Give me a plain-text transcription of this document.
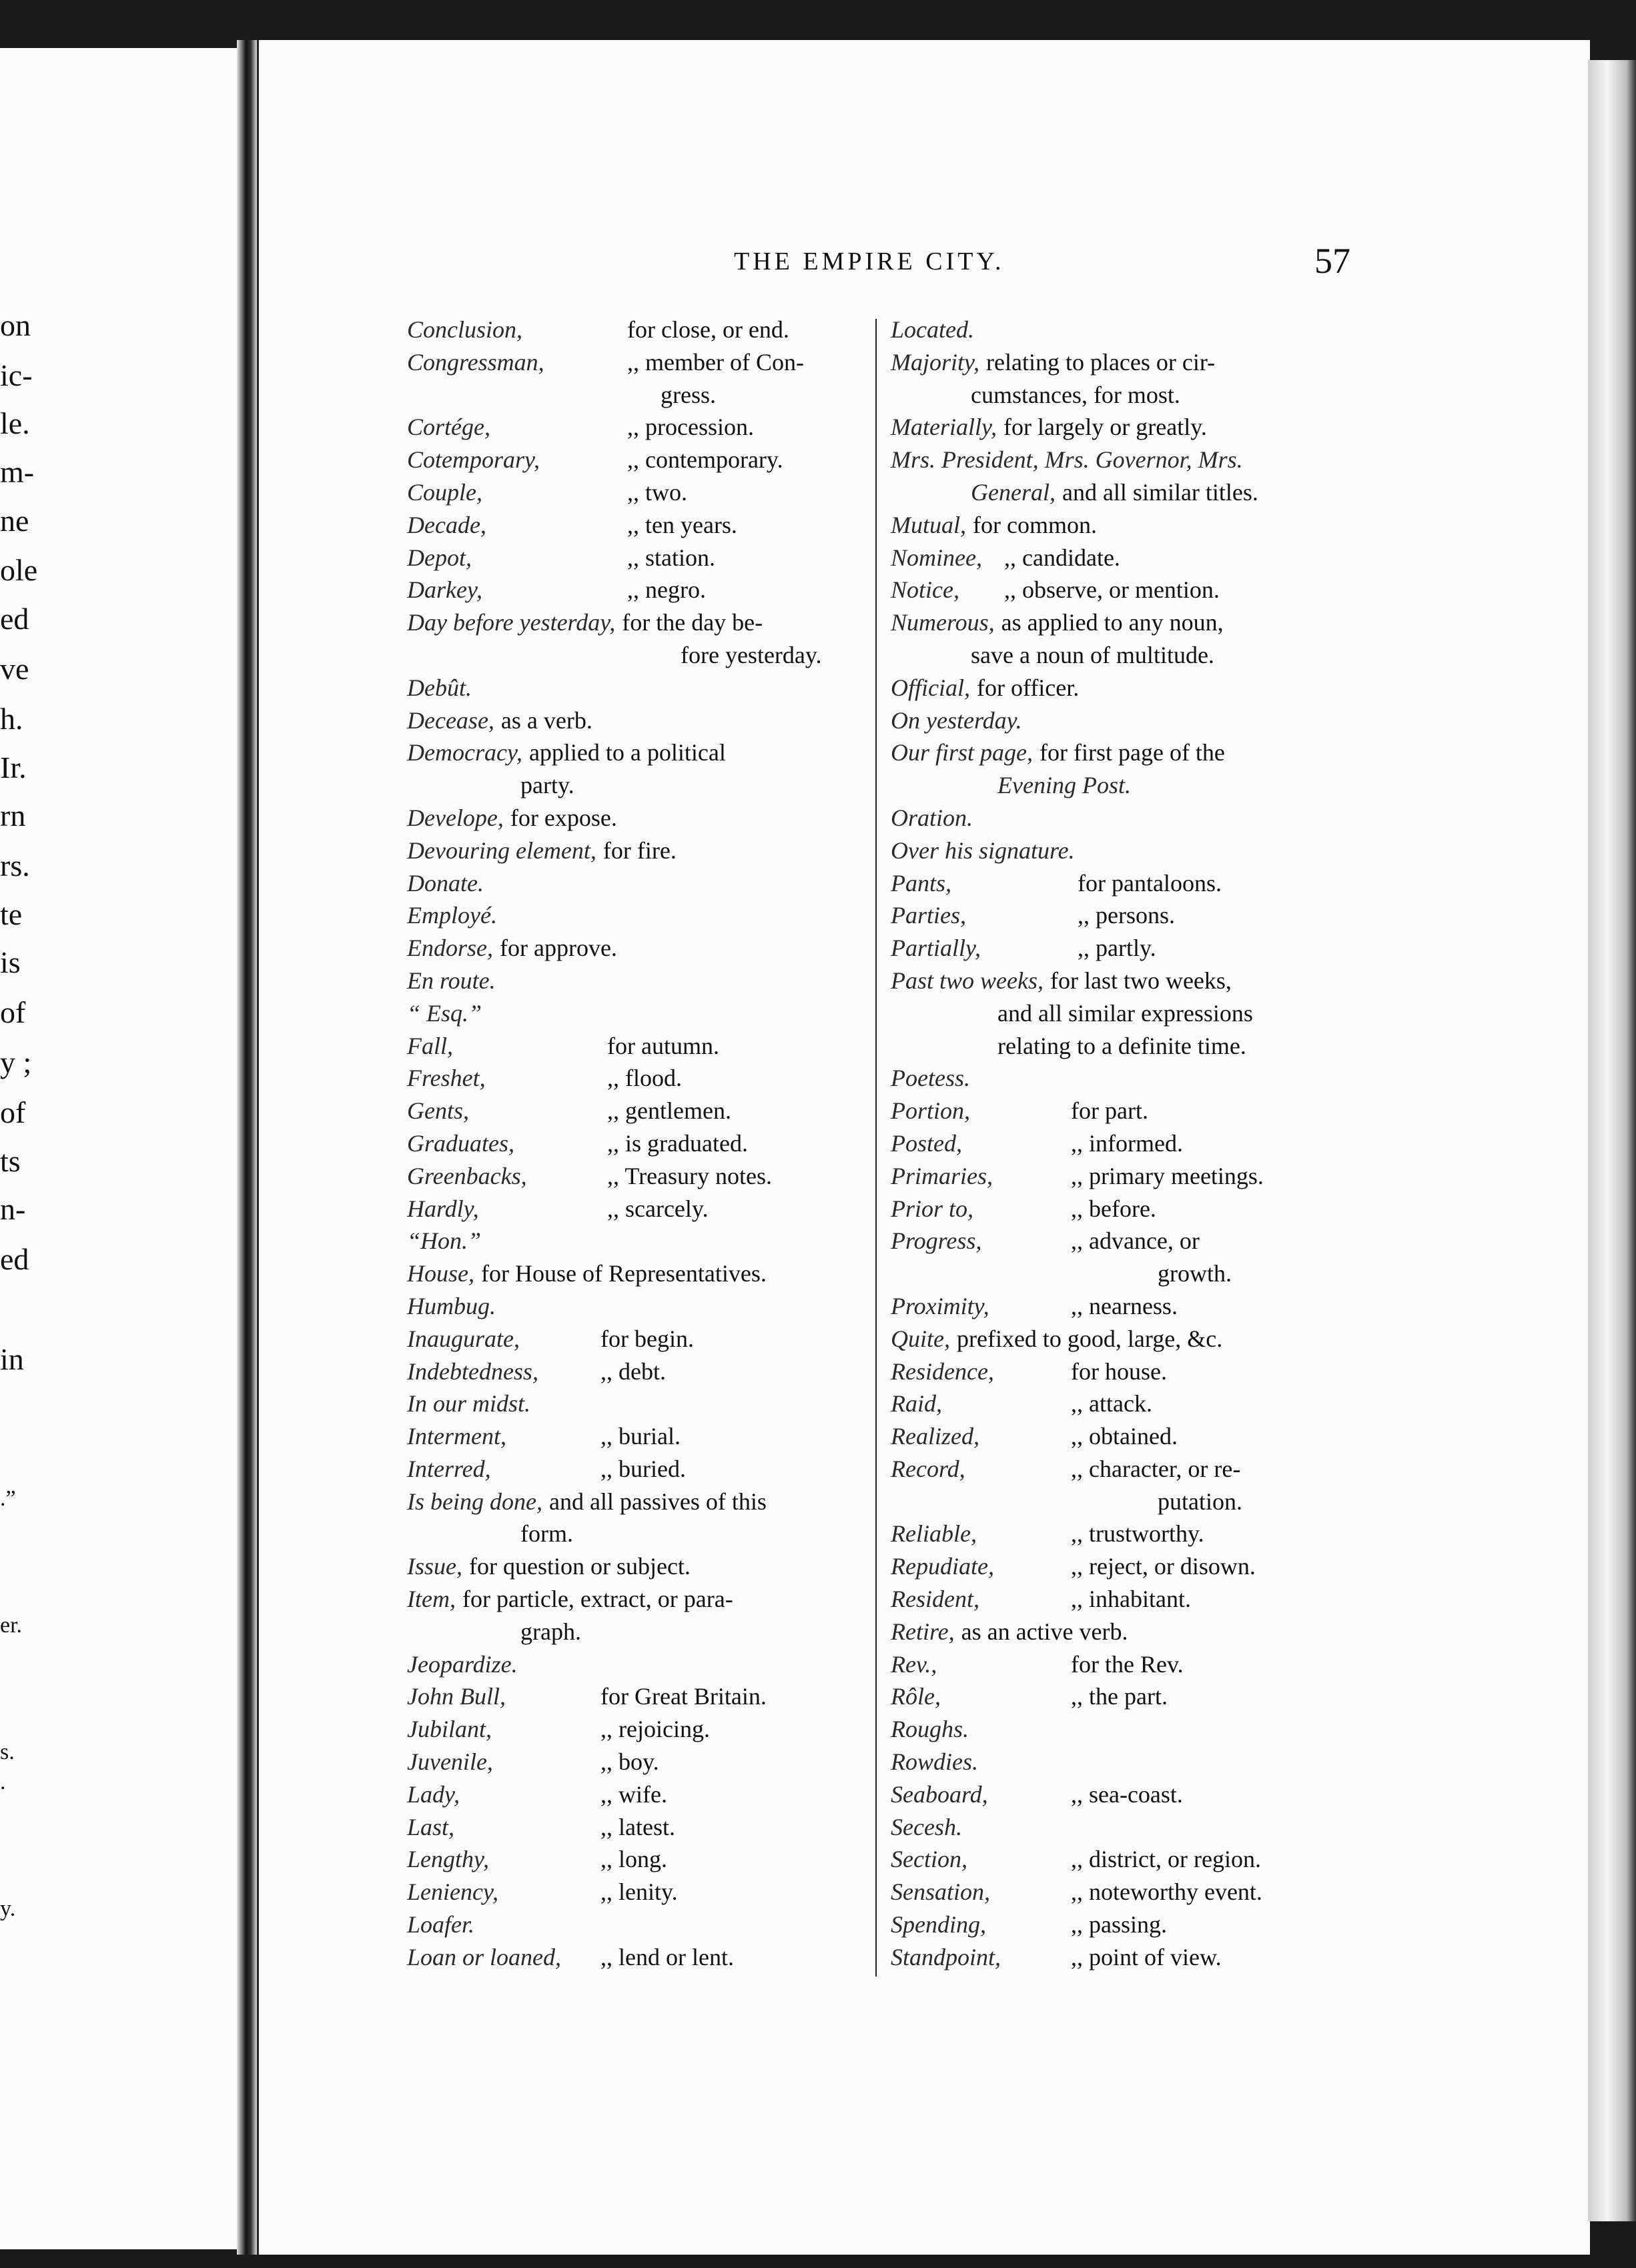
on
ic-
le.
m-
ne
ole
ed
ve
h.
Ir.
rn
rs.
te
is
of
y ;
of
ts
n-
ed
in
.”
er.
s.
.
y.
THE EMPIRE CITY.	57
Conclusion,	for close, or end.
Congressman,	,, member of Con-
gress.
Cortége,	,, procession.
Cotemporary,	,, contemporary.
Couple,	,, two.
Decade,	,, ten years.
Depot,	,, station.
Darkey,	,, negro.
Day before yesterday, for the day be-
fore yesterday.
Debût.
Decease, as a verb.
Democracy, applied to a political
party.
Develope, for expose.
Devouring element, for fire.
Donate.
Employé.
Endorse, for approve.
En route.
“ Esq.”
Fall,	for autumn.
Freshet,	,, flood.
Gents,	,, gentlemen.
Graduates,	,, is graduated.
Greenbacks,	,, Treasury notes.
Hardly,	,, scarcely.
“Hon.”
House, for House of Representatives.
Humbug.
Inaugurate,	for begin.
Indebtedness,	,, debt.
In our midst.
Interment,	,, burial.
Interred,	,, buried.
Is being done, and all passives of this
form.
Issue, for question or subject.
Item, for particle, extract, or para-
graph.
Jeopardize.
John Bull,	for Great Britain.
Jubilant,	,, rejoicing.
Juvenile,	,, boy.
Lady,	,, wife.
Last,	,, latest.
Lengthy,	,, long.
Leniency,	,, lenity.
Loafer.
Loan or loaned, ,, lend or lent.
Located.
Majority, relating to places or cir-
cumstances, for most.
Materially, for largely or greatly.
Mrs. President, Mrs. Governor, Mrs.
General, and all similar titles.
Mutual, for common.
Nominee, ,, candidate.
Notice, ,, observe, or mention.
Numerous, as applied to any noun,
save a noun of multitude.
Official, for officer.
On yesterday.
Our first page, for first page of the
Evening Post.
Oration.
Over his signature.
Pants,	for pantaloons.
Parties,	,, persons.
Partially,	,, partly.
Past two weeks, for last two weeks,
and all similar expressions
relating to a definite time.
Poetess.
Portion,	for part.
Posted,	,, informed.
Primaries,	,, primary meetings.
Prior to,	,, before.
Progress,	,, advance, or
growth.
Proximity,	,, nearness.
Quite, prefixed to good, large, &c.
Residence,	for house.
Raid,	,, attack.
Realized,	,, obtained.
Record,	,, character, or re-
putation.
Reliable,	,, trustworthy.
Repudiate,	,, reject, or disown.
Resident,	,, inhabitant.
Retire, as an active verb.
Rev.,	for the Rev.
Rôle,	,, the part.
Roughs.
Rowdies.
Seaboard,	,, sea-coast.
Secesh.
Section,	,, district, or region.
Sensation,	,, noteworthy event.
Spending,	,, passing.
Standpoint,	,, point of view.
